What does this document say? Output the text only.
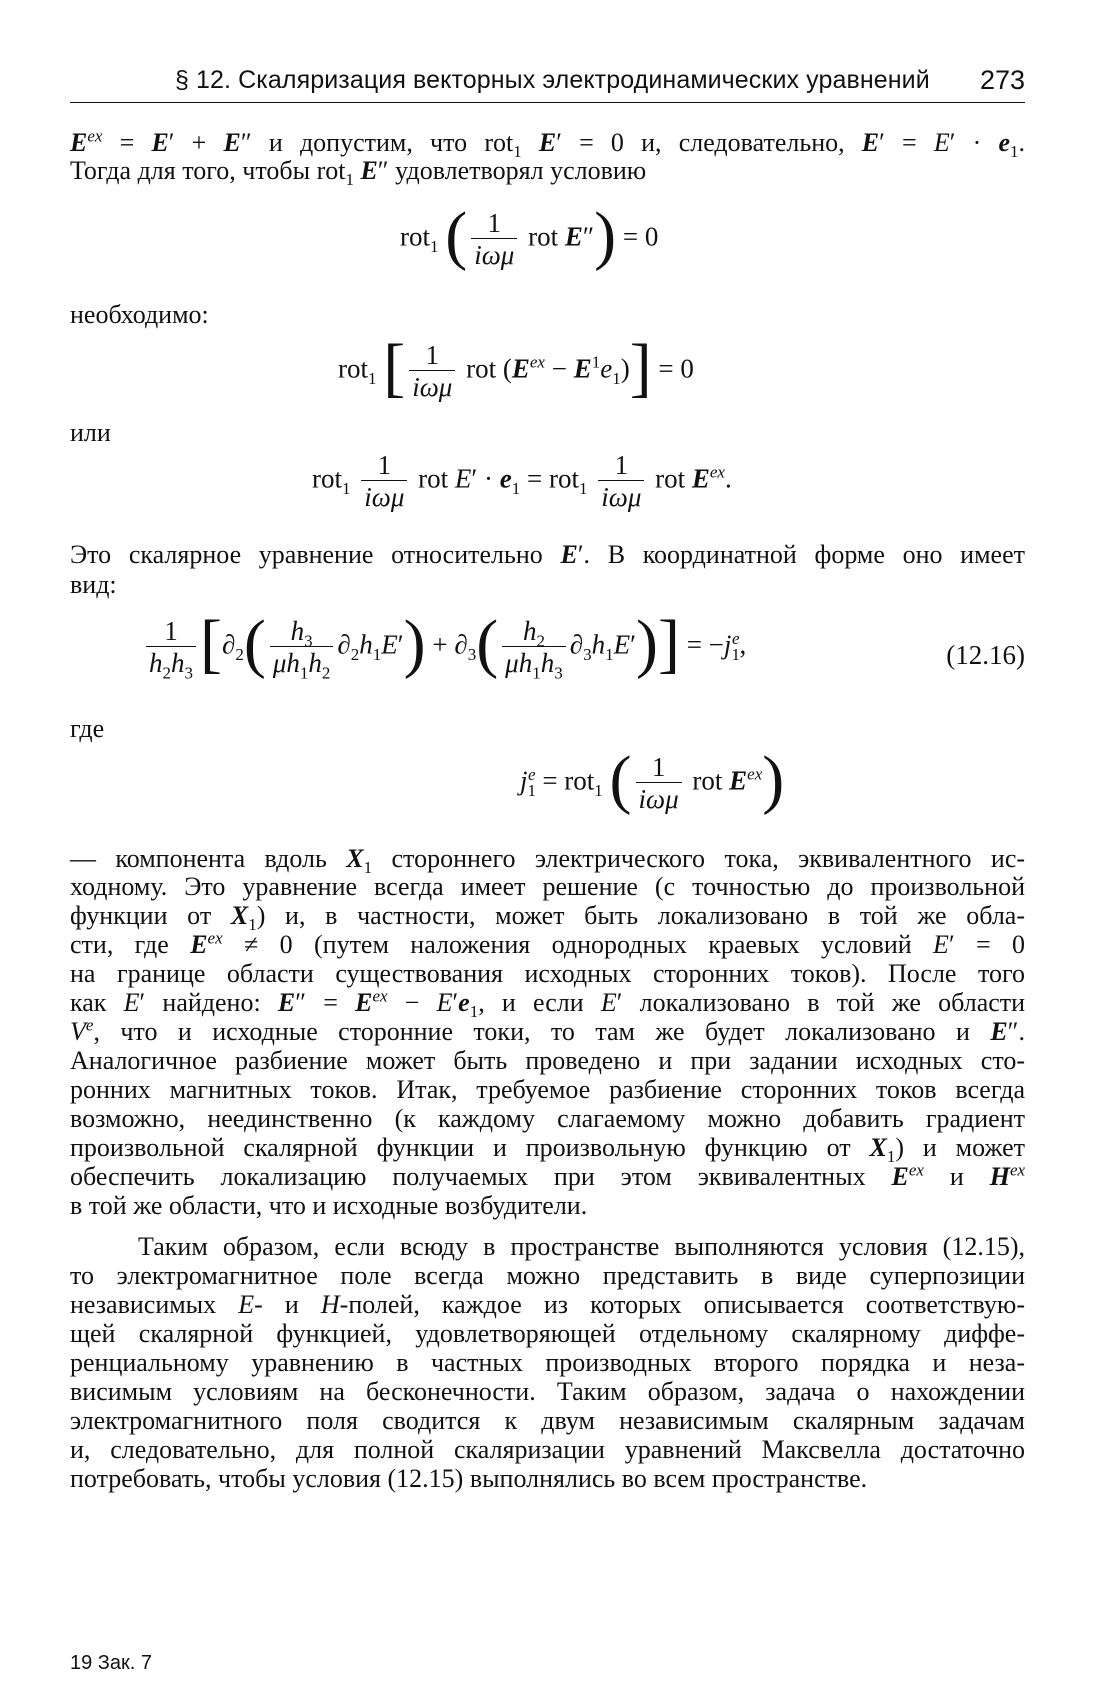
§ 12. Скаляризация векторных электродинамических уравнений 273
$E^{ex} = E' + E''$ и допустим, что rot$_1$ E′ = 0 и, следовательно, $E' = E' \cdot e_1$.
Тогда для того, чтобы rot$_1$ E″ удовлетворял условию
rot$_1$ ( $\frac{1}{\text{iωμ}}$ rot E″) = 0
необходимо:
rot$_1$ [ $\frac{1}{\text{iωμ}}$ rot $(E^{ex} - E^1e_1)] = 0$
или
$rot_1 \frac{1}{\text{iωμ}}$ rot $E' \cdot e_1 = rot_1 \frac{1}{\text{iωμ}}$ rot $E^{ex}$.
Это скалярное уравнение относительно E′. В координатной форме оно имеет
вид:
$\frac{1}{h_2h_3} [\partial_2( \frac{h_3}{\mu h_1h_2} \partial_2h_1E') + \partial_3( \frac{h_2}{\mu h_1h_3} \partial_3h_1E')] = -j_1^e$,	(12.16)
где
$j_1^e = rot_1$ ( $\frac{1}{\text{iωμ}}$ rot $E^{ex}$)
— компонента вдоль $X_1$ стороннего электрического тока, эквивалентного ис-
ходному. Это уравнение всегда имеет решение (с точностью до произвольной
функции от $X_1$) и, в частности, может быть локализовано в той же обла-
сти, где $E^{ex} \ne 0$ (путем наложения однородных краевых условий E′ = 0
на границе области существования исходных сторонних токов). После того
как E′ найдено: $E'' = E^{ex} - E'e_1$, и если E′ локализовано в той же области
Ve, что и исходные сторонние токи, то там же будет локализовано и E″.
Аналогичное разбиение может быть проведено и при задании исходных сто-
ронних магнитных токов. Итак, требуемое разбиение сторонних токов всегда
возможно, неединственно (к каждому слагаемому можно добавить градиент
произвольной скалярной функции и произвольную функцию от $X_1$) и может
обеспечить локализацию получаемых при этом эквивалентных $E^{ex}$ и $H^{ex}$
в той же области, что и исходные возбудители.
Таким образом, если всюду в пространстве выполняются условия (12.15),
то электромагнитное поле всегда можно представить в виде суперпозиции
независимых E- и H-полей, каждое из которых описывается соответствую-
щей скалярной функцией, удовлетворяющей отдельному скалярному диффе-
ренциальному уравнению в частных производных второго порядка и неза-
висимым условиям на бесконечности. Таким образом, задача о нахождении
электромагнитного поля сводится к двум независимым скалярным задачам
и, следовательно, для полной скаляризации уравнений Максвелла достаточно
потребовать, чтобы условия (12.15) выполнялись во всем пространстве.
19 Зак. 7
